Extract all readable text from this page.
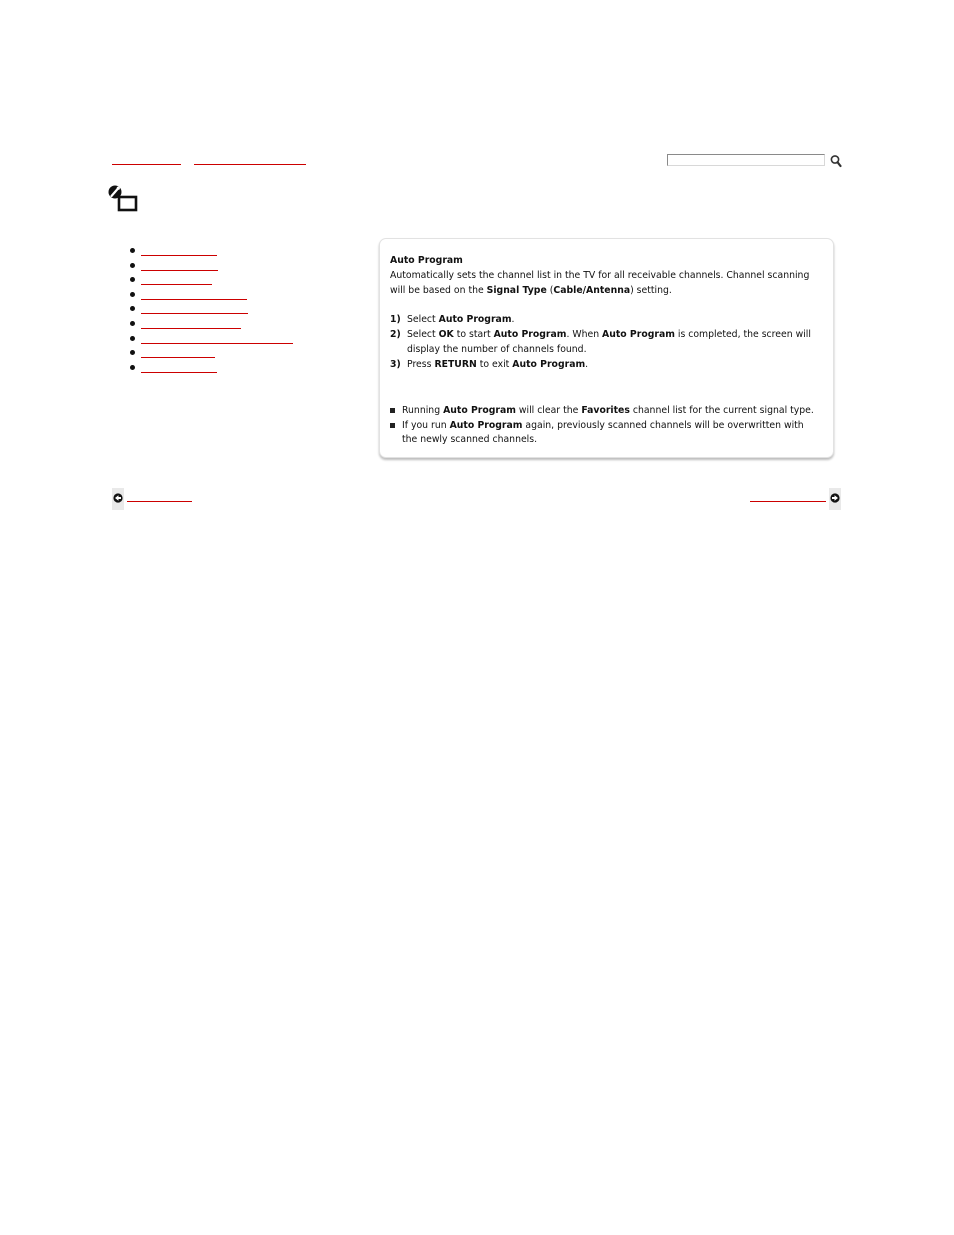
Auto Program
Automatically sets the channel list in the TV for all receivable channels. Channel scanning
will be based on the Signal Type (Cable/Antenna) setting.
1) Select Auto Program.
2) Select OK to start Auto Program. When Auto Program is completed, the screen will
display the number of channels found.
3) Press RETURN to exit Auto Program.
Running Auto Program will clear the Favorites channel list for the current signal type.
If you run Auto Program again, previously scanned channels will be overwritten with
the newly scanned channels.
